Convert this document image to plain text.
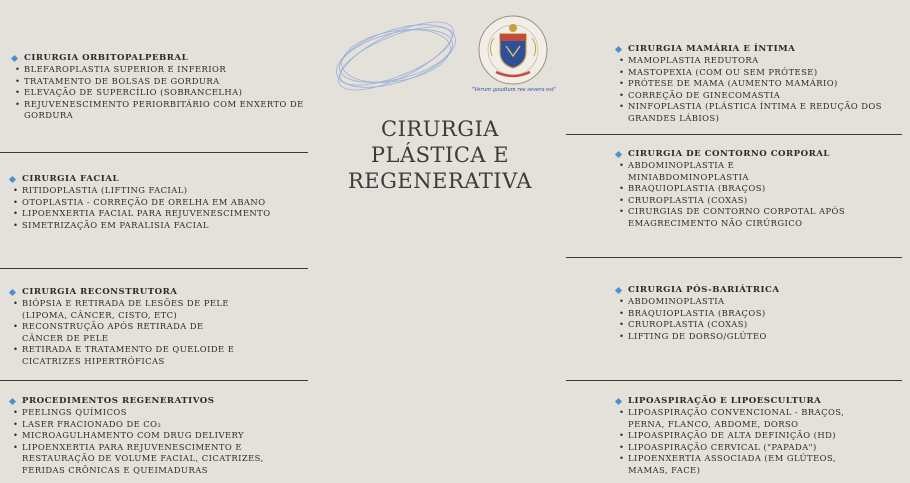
CIRURGIA ORBITOPALPEBRAL
• BLEFAROPLASTIA SUPERIOR E INFERIOR
• TRATAMENTO DE BOLSAS DE GORDURA
• ELEVAÇÃO DE SUPERCÍLIO (SOBRANCELHA)
• REJUVENESCIMENTO PERIORBITÁRIO COM ENXERTO DE GORDURA
CIRURGIA FACIAL
• RITIDOPLASTIA (LIFTING FACIAL)
• OTOPLASTIA - CORREÇÃO DE ORELHA EM ABANO
• LIPOENXERTIA FACIAL PARA REJUVENESCIMENTO
• SIMETRIZAÇÃO EM PARALISIA FACIAL
CIRURGIA RECONSTRUTORA
• BIÓPSIA E RETIRADA DE LESÕES DE PELE (LIPOMA, CÂNCER, CISTO, ETC)
• RECONSTRUÇÃO APÓS RETIRADA DE CÂNCER DE PELE
• RETIRADA E TRATAMENTO DE QUELOIDE E CICATRIZES HIPERTRÓFICAS
PROCEDIMENTOS REGENERATIVOS
• PEELINGS QUÍMICOS
• LASER FRACIONADO DE CO₂
• MICROAGULHAMENTO COM DRUG DELIVERY
• LIPOENXERTIA PARA REJUVENESCIMENTO E RESTAURAÇÃO DE VOLUME FACIAL, CICATRIZES, FERIDAS CRÔNICAS E QUEIMADURAS
"Verum gaudium res severa est"
CIRURGIA
PLÁSTICA E
REGENERATIVA
CIRURGIA MAMÁRIA E ÍNTIMA
• MAMOPLASTIA REDUTORA
• MASTOPEXIA (COM OU SEM PRÓTESE)
• PRÓTESE DE MAMA (AUMENTO MAMÁRIO)
• CORREÇÃO DE GINECOMASTIA
• NINFOPLASTIA (PLÁSTICA ÍNTIMA E REDUÇÃO DOS GRANDES LÁBIOS)
CIRURGIA DE CONTORNO CORPORAL
• ABDOMINOPLASTIA E MINIABDOMINOPLASTIA
• BRAQUIOPLASTIA (BRAÇOS)
• CRUROPLASTIA (COXAS)
• CIRURGIAS DE CONTORNO CORPOTAL APÓS EMAGRECIMENTO NÃO CIRÚRGICO
CIRURGIA PÓS-BARIÁTRICA
• ABDOMINOPLASTIA
• BRAQUIOPLASTIA (BRAÇOS)
• CRUROPLASTIA (COXAS)
• LIFTING DE DORSO/GLÚTEO
LIPOASPIRAÇÃO E LIPOESCULTURA
• LIPOASPIRAÇÃO CONVENCIONAL - BRAÇOS, PERNA, FLANCO, ABDOME, DORSO
• LIPOASPIRAÇÃO DE ALTA DEFINIÇÃO (HD)
• LIPOASPIRAÇÃO CERVICAL ("PAPADA")
• LIPOENXERTIA ASSOCIADA (EM GLÚTEOS, MAMAS, FACE)
